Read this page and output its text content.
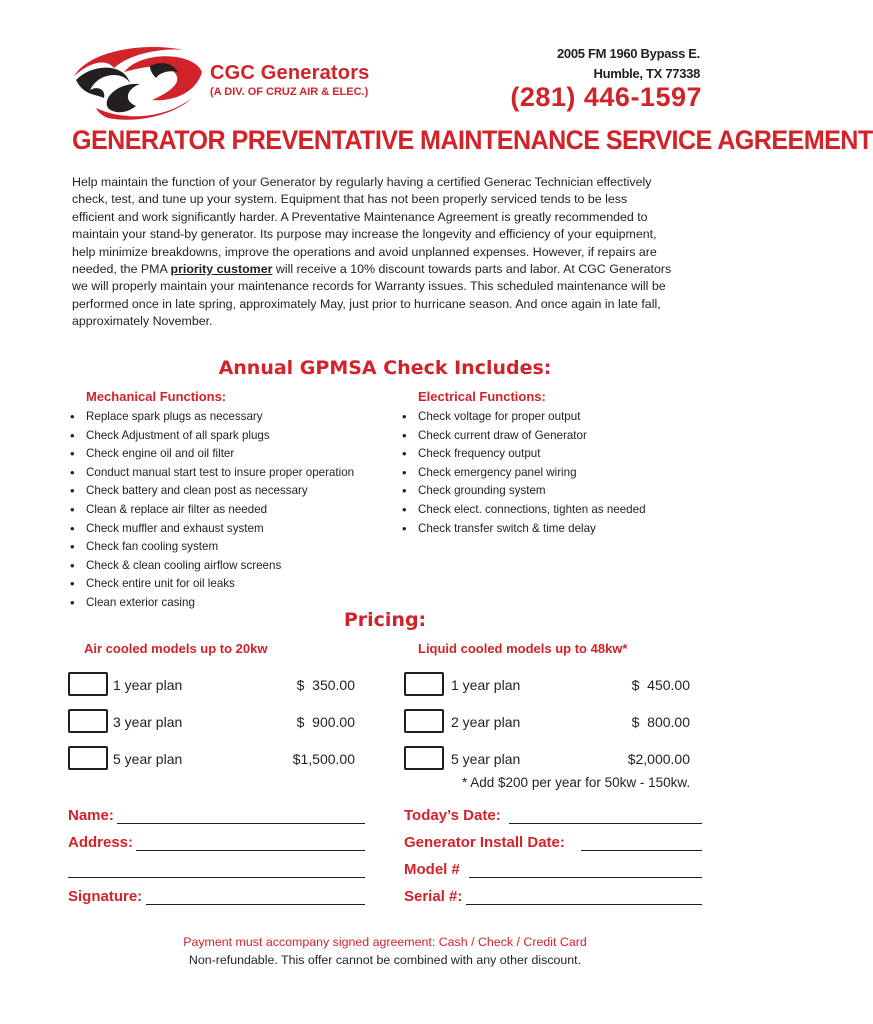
CGC Generators
(A DIV. OF CRUZ AIR & ELEC.)
2005 FM 1960 Bypass E.
Humble, TX 77338
(281) 446-1597
GENERATOR PREVENTATIVE MAINTENANCE SERVICE AGREEMENT
Help maintain the function of your Generator by regularly having a certified Generac Technician effectively check, test, and tune up your system. Equipment that has not been properly serviced tends to be less efficient and work significantly harder. A Preventative Maintenance Agreement is greatly recommended to maintain your stand-by generator. Its purpose may increase the longevity and efficiency of your equipment, help minimize breakdowns, improve the operations and avoid unplanned expenses. However, if repairs are needed, the PMA priority customer will receive a 10% discount towards parts and labor. At CGC Generators we will properly maintain your maintenance records for Warranty issues. This scheduled maintenance will be performed once in late spring, approximately May, just prior to hurricane season. And once again in late fall, approximately November.
Annual GPMSA Check Includes:
Mechanical Functions:	Electrical Functions:
• Replace spark plugs as necessary
• Check Adjustment of all spark plugs
• Check engine oil and oil filter
• Conduct manual start test to insure proper operation
• Check battery and clean post as necessary
• Clean & replace air filter as needed
• Check muffler and exhaust system
• Check fan cooling system
• Check & clean cooling airflow screens
• Check entire unit for oil leaks
• Clean exterior casing
• Check voltage for proper output
• Check current draw of Generator
• Check frequency output
• Check emergency panel wiring
• Check grounding system
• Check elect. connections, tighten as needed
• Check transfer switch & time delay
Pricing:
Air cooled models up to 20kw	Liquid cooled models up to 48kw*
1 year plan	$  350.00
3 year plan	$  900.00
5 year plan	$1,500.00
1 year plan	$  450.00
2 year plan	$  800.00
5 year plan	$2,000.00
* Add $200 per year for 50kw - 150kw.
Name:
Address:
Signature:
Today’s Date:
Generator Install Date:
Model #
Serial #:
Payment must accompany signed agreement: Cash / Check / Credit Card
Non-refundable. This offer cannot be combined with any other discount.
